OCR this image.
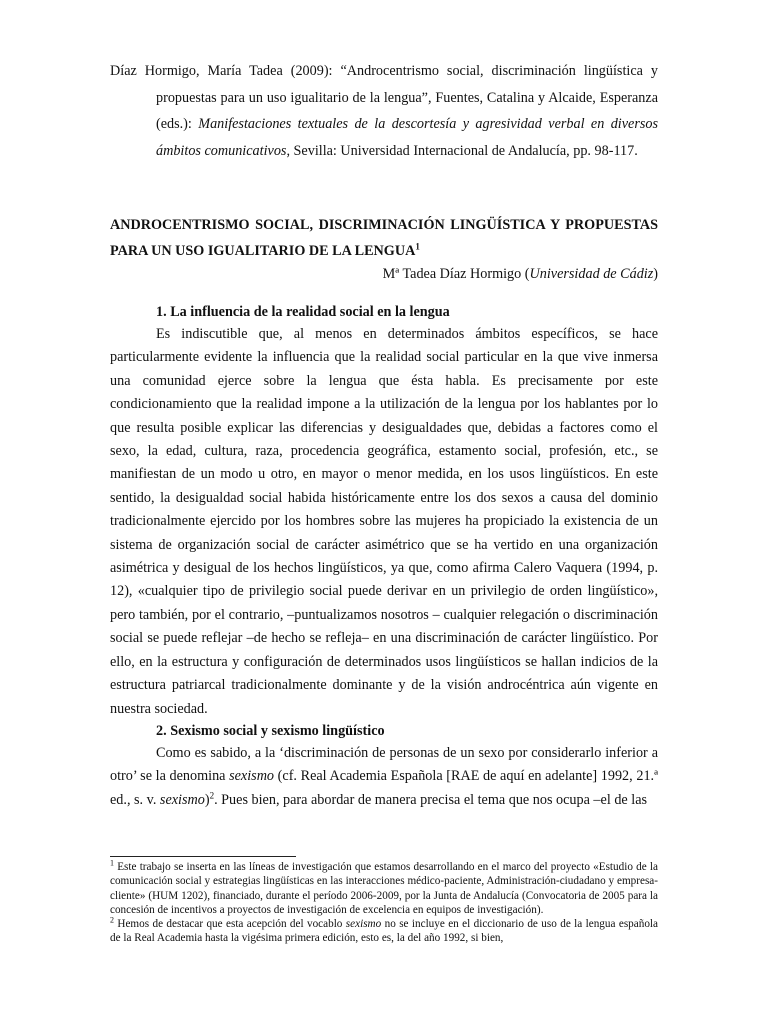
Díaz Hormigo, María Tadea (2009): “Androcentrismo social, discriminación lingüística y propuestas para un uso igualitario de la lengua”, Fuentes, Catalina y Alcaide, Esperanza (eds.): Manifestaciones textuales de la descortesía y agresividad verbal en diversos ámbitos comunicativos, Sevilla: Universidad Internacional de Andalucía, pp. 98-117.

ANDROCENTRISMO SOCIAL, DISCRIMINACIÓN LINGÜÍSTICA Y PROPUESTAS PARA UN USO IGUALITARIO DE LA LENGUA$^1$

Mª Tadea Díaz Hormigo (Universidad de Cádiz)

1. La influencia de la realidad social en la lengua

Es indiscutible que, al menos en determinados ámbitos específicos, se hace particularmente evidente la influencia que la realidad social particular en la que vive inmersa una comunidad ejerce sobre la lengua que ésta habla. Es precisamente por este condicionamiento que la realidad impone a la utilización de la lengua por los hablantes por lo que resulta posible explicar las diferencias y desigualdades que, debidas a factores como el sexo, la edad, cultura, raza, procedencia geográfica, estamento social, profesión, etc., se manifiestan de un modo u otro, en mayor o menor medida, en los usos lingüísticos. En este sentido, la desigualdad social habida históricamente entre los dos sexos a causa del dominio tradicionalmente ejercido por los hombres sobre las mujeres ha propiciado la existencia de un sistema de organización social de carácter asimétrico que se ha vertido en una organización asimétrica y desigual de los hechos lingüísticos, ya que, como afirma Calero Vaquera (1994, p. 12), «cualquier tipo de privilegio social puede derivar en un privilegio de orden lingüístico», pero también, por el contrario, –puntualizamos nosotros – cualquier relegación o discriminación social se puede reflejar –de hecho se refleja– en una discriminación de carácter lingüístico. Por ello, en la estructura y configuración de determinados usos lingüísticos se hallan indicios de la estructura patriarcal tradicionalmente dominante y de la visión androcéntrica aún vigente en nuestra sociedad.

2. Sexismo social y sexismo lingüístico

Como es sabido, a la ‘discriminación de personas de un sexo por considerarlo inferior a otro’ se la denomina sexismo (cf. Real Academia Española [RAE de aquí en adelante] 1992, 21.ª ed., s. v. sexismo)$^2$. Pues bien, para abordar de manera precisa el tema que nos ocupa –el de las

$^1$ Este trabajo se inserta en las líneas de investigación que estamos desarrollando en el marco del proyecto «Estudio de la comunicación social y estrategias lingüísticas en las interacciones médico-paciente, Administración-ciudadano y empresa-cliente» (HUM 1202), financiado, durante el período 2006-2009, por la Junta de Andalucía (Convocatoria de 2005 para la concesión de incentivos a proyectos de investigación de excelencia en equipos de investigación).

$^2$ Hemos de destacar que esta acepción del vocablo sexismo no se incluye en el diccionario de uso de la lengua española de la Real Academia hasta la vigésima primera edición, esto es, la del año 1992, si bien,
